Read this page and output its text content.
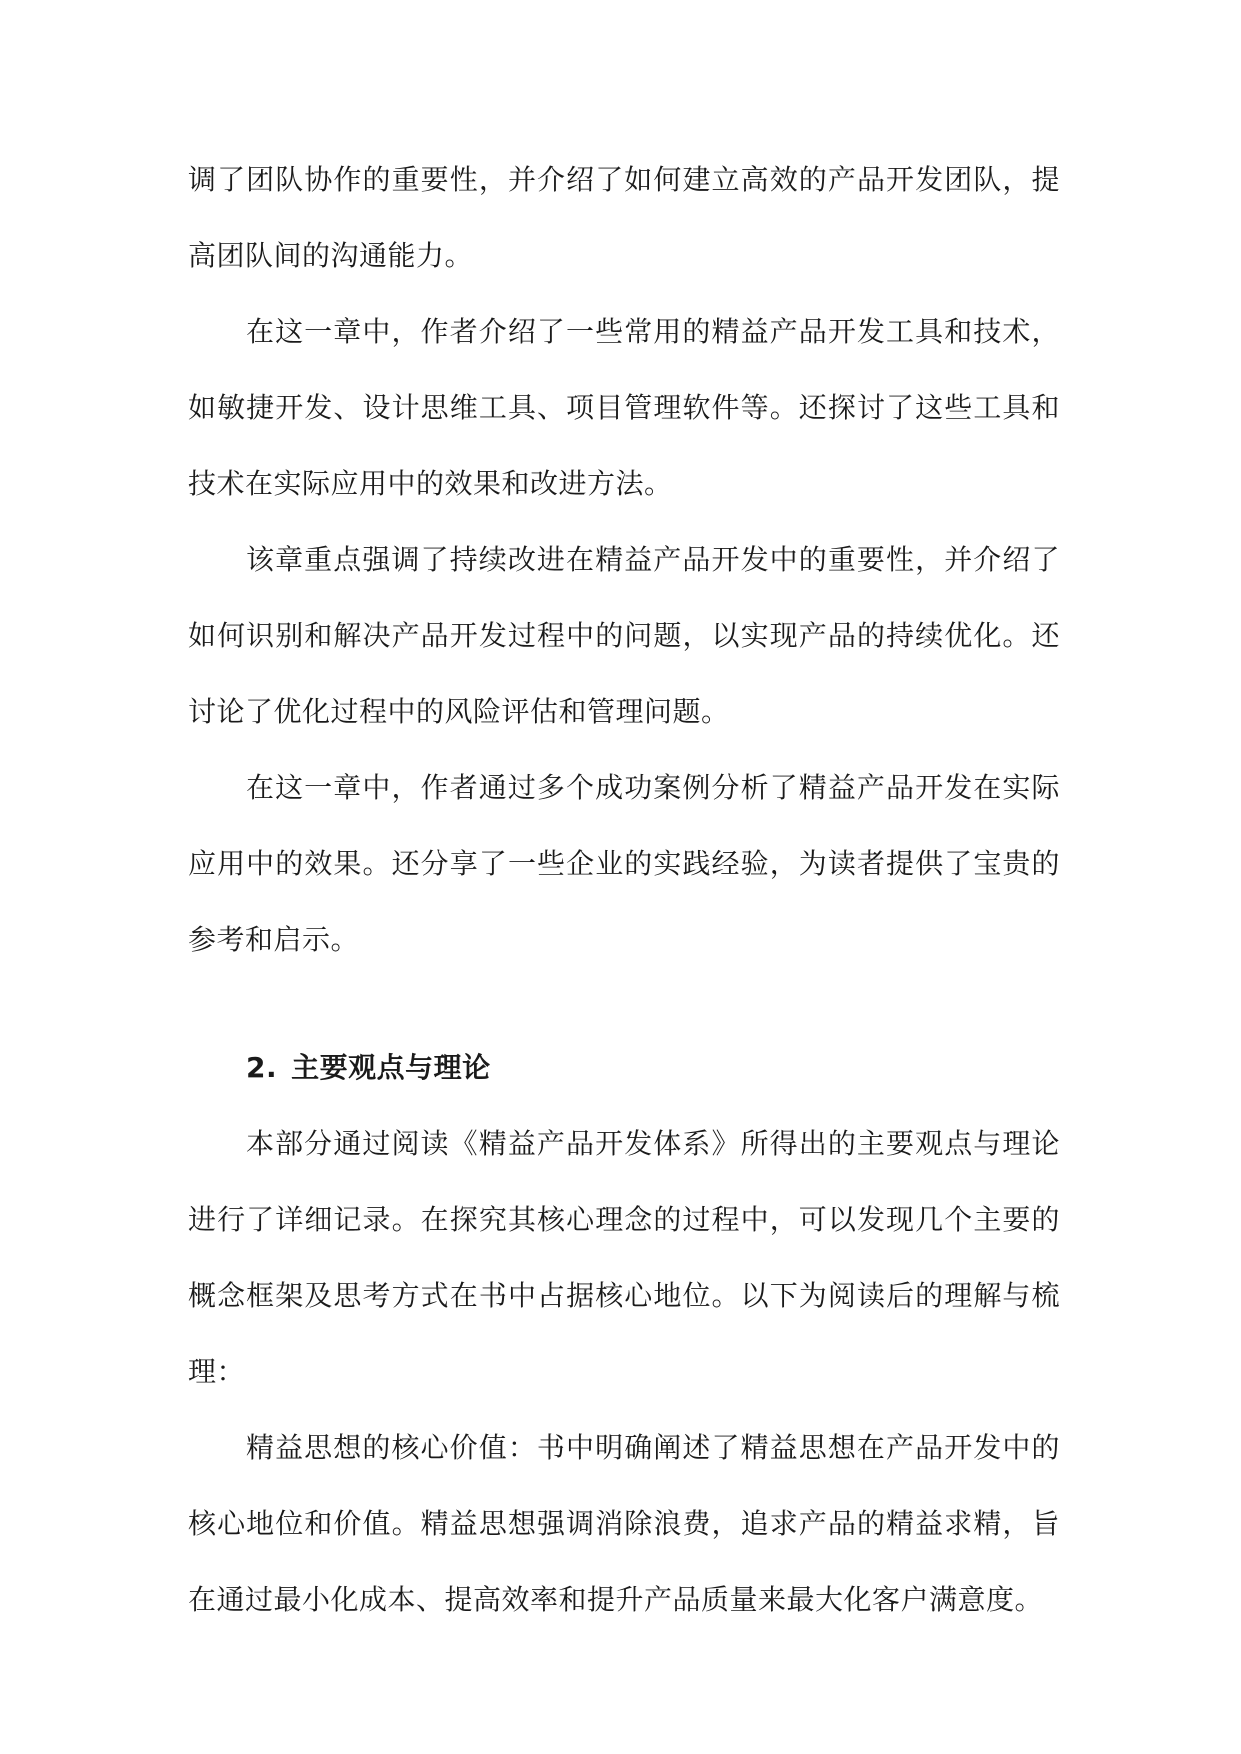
调了团队协作的重要性，并介绍了如何建立高效的产品开发团队，提高团队间的沟通能力。

在这一章中，作者介绍了一些常用的精益产品开发工具和技术，如敏捷开发、设计思维工具、项目管理软件等。还探讨了这些工具和技术在实际应用中的效果和改进方法。

该章重点强调了持续改进在精益产品开发中的重要性，并介绍了如何识别和解决产品开发过程中的问题，以实现产品的持续优化。还讨论了优化过程中的风险评估和管理问题。

在这一章中，作者通过多个成功案例分析了精益产品开发在实际应用中的效果。还分享了一些企业的实践经验，为读者提供了宝贵的参考和启示。

2. 主要观点与理论

本部分通过阅读《精益产品开发体系》所得出的主要观点与理论进行了详细记录。在探究其核心理念的过程中，可以发现几个主要的概念框架及思考方式在书中占据核心地位。以下为阅读后的理解与梳理：

精益思想的核心价值：书中明确阐述了精益思想在产品开发中的核心地位和价值。精益思想强调消除浪费，追求产品的精益求精，旨在通过最小化成本、提高效率和提升产品质量来最大化客户满意度。
